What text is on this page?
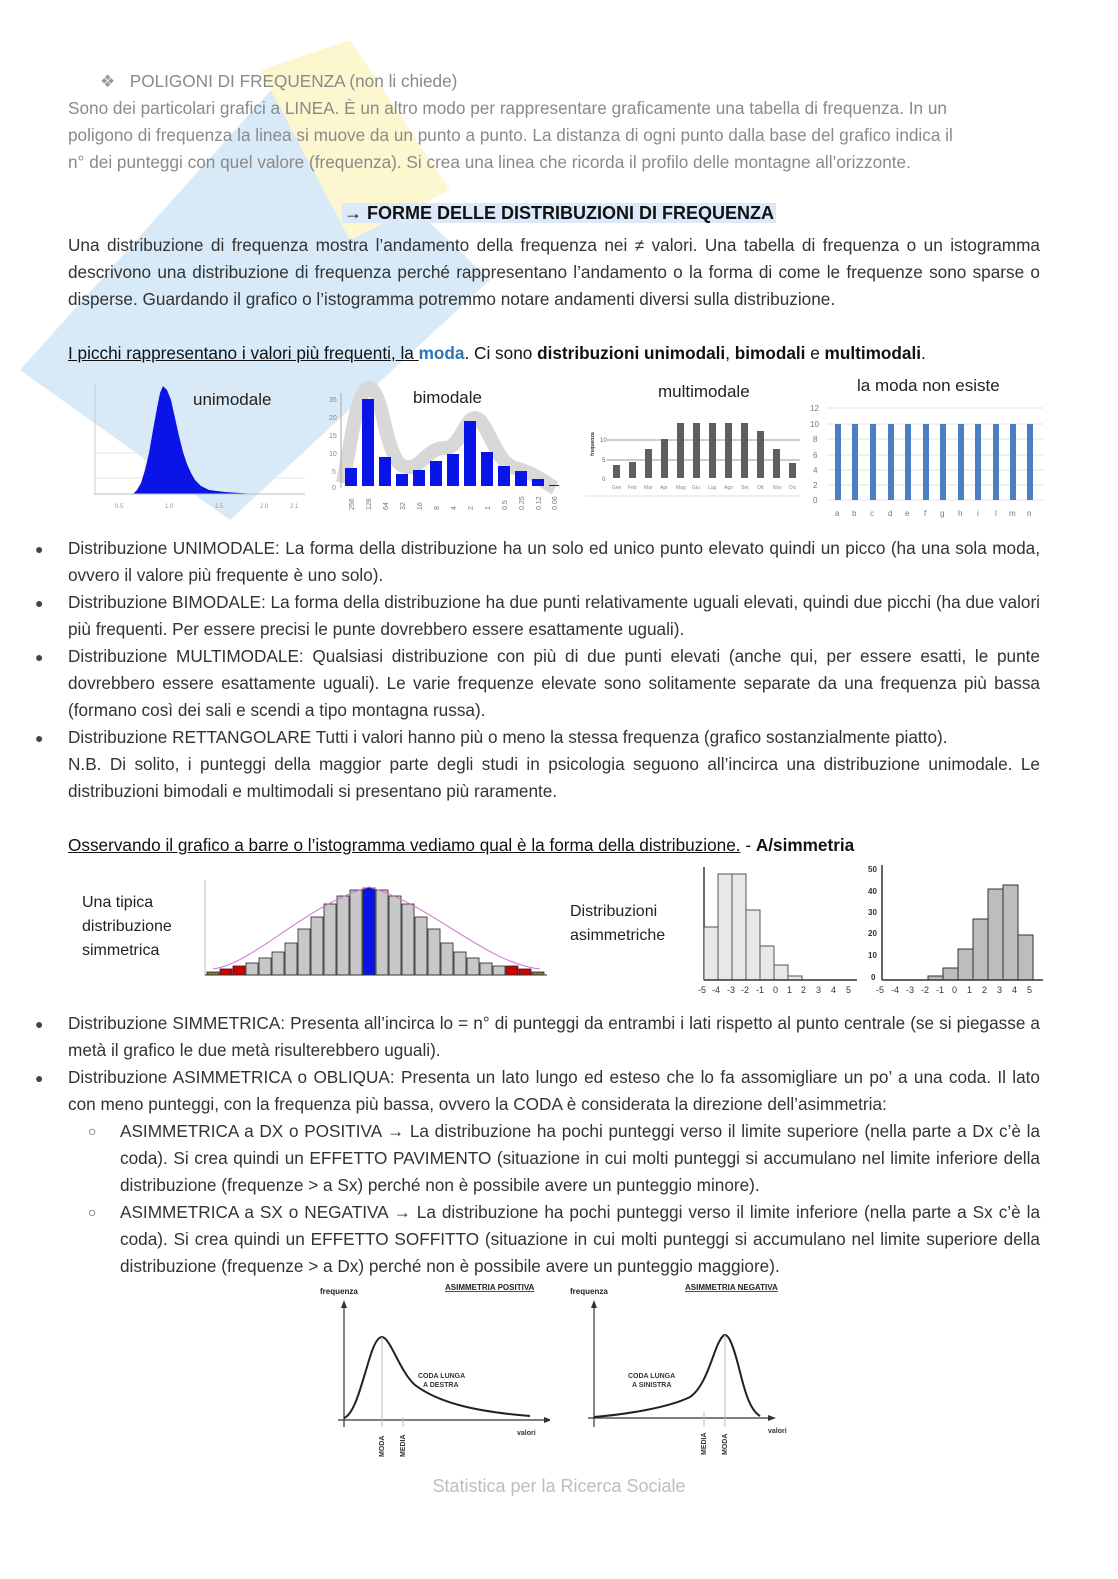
❖ POLIGONI DI FREQUENZA (non li chiede)
Sono dei particolari grafici a LINEA. È un altro modo per rappresentare graficamente una tabella di frequenza. In un
poligono di frequenza la linea si muove da un punto a punto. La distanza di ogni punto dalla base del grafico indica il
n° dei punteggi con quel valore (frequenza). Si crea una linea che ricorda il profilo delle montagne all’orizzonte.
→ FORME DELLE DISTRIBUZIONI DI FREQUENZA
Una distribuzione di frequenza mostra l’andamento della frequenza nei ≠ valori. Una tabella di frequenza o un istogramma descrivono una distribuzione di frequenza perché rappresentano l’andamento o la forma di come le frequenze sono sparse o disperse. Guardando il grafico o l’istogramma potremmo notare andamenti diversi sulla distribuzione.
I picchi rappresentano i valori più frequenti, la moda. Ci sono distribuzioni unimodali, bimodali e multimodali.
0.5	1.0	1.5	2.0	2.1
unimodale	35
20
15
10
5
0
256 128 64 32 16 8 4 2 1 0.5 0.25 0.12 0.06
bimodale
10
5
0
frequenza
Gen Feb Mar Apr Mag Giu Lug Ago Set Ott Nov Dic
multimodale
12
10
8
6
4
2
0
a b c d e f g h i l m n
la moda non esiste
● Distribuzione UNIMODALE: La forma della distribuzione ha un solo ed unico punto elevato quindi un picco (ha una sola moda, ovvero il valore più frequente è uno solo).
● Distribuzione BIMODALE: La forma della distribuzione ha due punti relativamente uguali elevati, quindi due picchi (ha due valori più frequenti. Per essere precisi le punte dovrebbero essere esattamente uguali).
● Distribuzione MULTIMODALE: Qualsiasi distribuzione con più di due punti elevati (anche qui, per essere esatti, le punte dovrebbero essere esattamente uguali). Le varie frequenze elevate sono solitamente separate da una frequenza più bassa (formano così dei sali e scendi a tipo montagna russa).
● Distribuzione RETTANGOLARE Tutti i valori hanno più o meno la stessa frequenza (grafico sostanzialmente piatto).
N.B. Di solito, i punteggi della maggior parte degli studi in psicologia seguono all’incirca una distribuzione unimodale. Le distribuzioni bimodali e multimodali si presentano più raramente.
Osservando il grafico a barre o l’istogramma vediamo qual è la forma della distribuzione. - A/simmetria
Una tipica
distribuzione
simmetrica
Distribuzioni
asimmetriche
-5 -4 -3 -2 -1 0 1 2 3 4 5
50
40
30
20
10
0
-5 -4 -3 -2 -1 0 1 2 3 4 5
● Distribuzione SIMMETRICA: Presenta all’incirca lo = n° di punteggi da entrambi i lati rispetto al punto centrale (se si piegasse a metà il grafico le due metà risulterebbero uguali).
● Distribuzione ASIMMETRICA o OBLIQUA: Presenta un lato lungo ed esteso che lo fa assomigliare un po’ a una coda. Il lato con meno punteggi, con la frequenza più bassa, ovvero la CODA è considerata la direzione dell’asimmetria:
○ ASIMMETRICA a DX o POSITIVA → La distribuzione ha pochi punteggi verso il limite superiore (nella parte a Dx c’è la coda). Si crea quindi un EFFETTO PAVIMENTO (situazione in cui molti punteggi si accumulano nel limite inferiore della distribuzione (frequenze > a Sx) perché non è possibile avere un punteggio minore).
○ ASIMMETRICA a SX o NEGATIVA → La distribuzione ha pochi punteggi verso il limite inferiore (nella parte a Sx c’è la coda). Si crea quindi un EFFETTO SOFFITTO (situazione in cui molti punteggi si accumulano nel limite superiore della distribuzione (frequenze > a Dx) perché non è possibile avere un punteggio maggiore).
frequenza	ASIMMETRIA POSITIVA
CODA LUNGA
A DESTRA
valori
MODA MEDIA
frequenza	ASIMMETRIA NEGATIVA
CODA LUNGA
A SINISTRA
valori
MEDIA MODA
Statistica per la Ricerca Sociale
